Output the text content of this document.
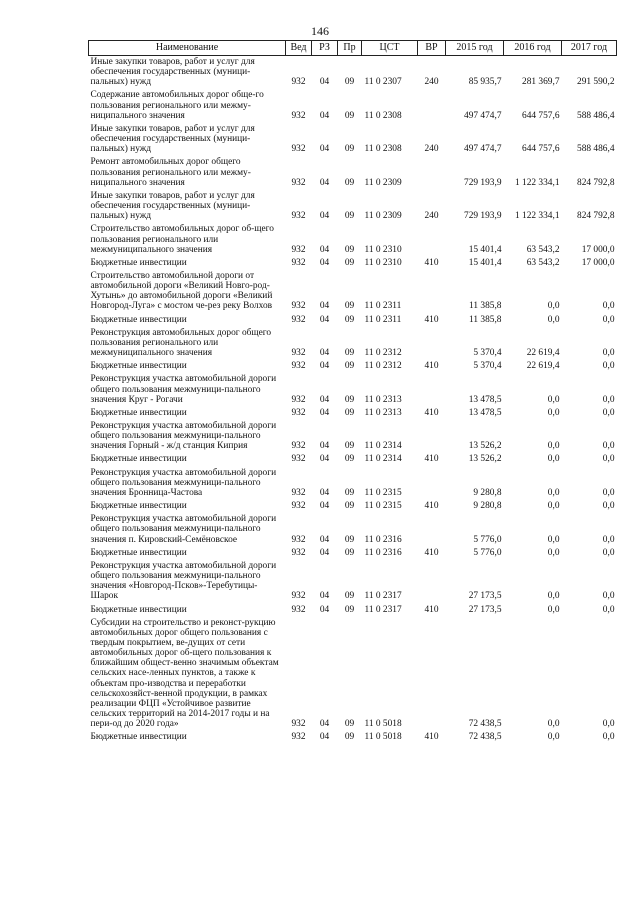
146
Наименование	Вед	РЗ	Пр	ЦСТ	ВР	2015 год	2016 год	2017 год
Иные закупки товаров, работ и услуг для обеспечения государственных (муници-пальных) нужд	932	04	09	11 0 2307	240	85 935,7	281 369,7	291 590,2
Содержание автомобильных дорог обще-го пользования регионального или межму-ниципального значения	932	04	09	11 0 2308		497 474,7	644 757,6	588 486,4
Иные закупки товаров, работ и услуг для обеспечения государственных (муници-пальных) нужд	932	04	09	11 0 2308	240	497 474,7	644 757,6	588 486,4
Ремонт автомобильных дорог общего пользования регионального или межму-ниципального значения	932	04	09	11 0 2309		729 193,9	1 122 334,1	824 792,8
Иные закупки товаров, работ и услуг для обеспечения государственных (муници-пальных) нужд	932	04	09	11 0 2309	240	729 193,9	1 122 334,1	824 792,8
Строительство автомобильных дорог об-щего пользования регионального или межмуниципального значения	932	04	09	11 0 2310		15 401,4	63 543,2	17 000,0
Бюджетные инвестиции	932	04	09	11 0 2310	410	15 401,4	63 543,2	17 000,0
Строительство автомобильной дороги от автомобильной дороги «Великий Новго-род-Хутынь» до автомобильной дороги «Великий Новгород-Луга» с мостом че-рез реку Волхов	932	04	09	11 0 2311		11 385,8	0,0	0,0
Бюджетные инвестиции	932	04	09	11 0 2311	410	11 385,8	0,0	0,0
Реконструкция автомобильных дорог общего пользования регионального или межмуниципального значения	932	04	09	11 0 2312		5 370,4	22 619,4	0,0
Бюджетные инвестиции	932	04	09	11 0 2312	410	5 370,4	22 619,4	0,0
Реконструкция участка автомобильной дороги общего пользования межмуници-пального значения Круг - Рогачи	932	04	09	11 0 2313		13 478,5	0,0	0,0
Бюджетные инвестиции	932	04	09	11 0 2313	410	13 478,5	0,0	0,0
Реконструкция участка автомобильной дороги общего пользования межмуници-пального значения Горный - ж/д станция Киприя	932	04	09	11 0 2314		13 526,2	0,0	0,0
Бюджетные инвестиции	932	04	09	11 0 2314	410	13 526,2	0,0	0,0
Реконструкция участка автомобильной дороги общего пользования межмуници-пального значения Бронница-Частова	932	04	09	11 0 2315		9 280,8	0,0	0,0
Бюджетные инвестиции	932	04	09	11 0 2315	410	9 280,8	0,0	0,0
Реконструкция участка автомобильной дороги общего пользования межмуници-пального значения п. Кировский-Семёновское	932	04	09	11 0 2316		5 776,0	0,0	0,0
Бюджетные инвестиции	932	04	09	11 0 2316	410	5 776,0	0,0	0,0
Реконструкция участка автомобильной дороги общего пользования межмуници-пального значения «Новгород-Псков»-Теребутицы-Шарок	932	04	09	11 0 2317		27 173,5	0,0	0,0
Бюджетные инвестиции	932	04	09	11 0 2317	410	27 173,5	0,0	0,0
Субсидии на строительство и реконст-рукцию автомобильных дорог общего пользования с твердым покрытием, ве-дущих от сети автомобильных дорог об-щего пользования к ближайшим общест-венно значимым объектам сельских насе-ленных пунктов, а также к объектам про-изводства и переработки сельскохозяйст-венной продукции, в рамках реализации ФЦП «Устойчивое развитие сельских территорий на 2014-2017 годы и на пери-од до 2020 года»	932	04	09	11 0 5018		72 438,5	0,0	0,0
Бюджетные инвестиции	932	04	09	11 0 5018	410	72 438,5	0,0	0,0
